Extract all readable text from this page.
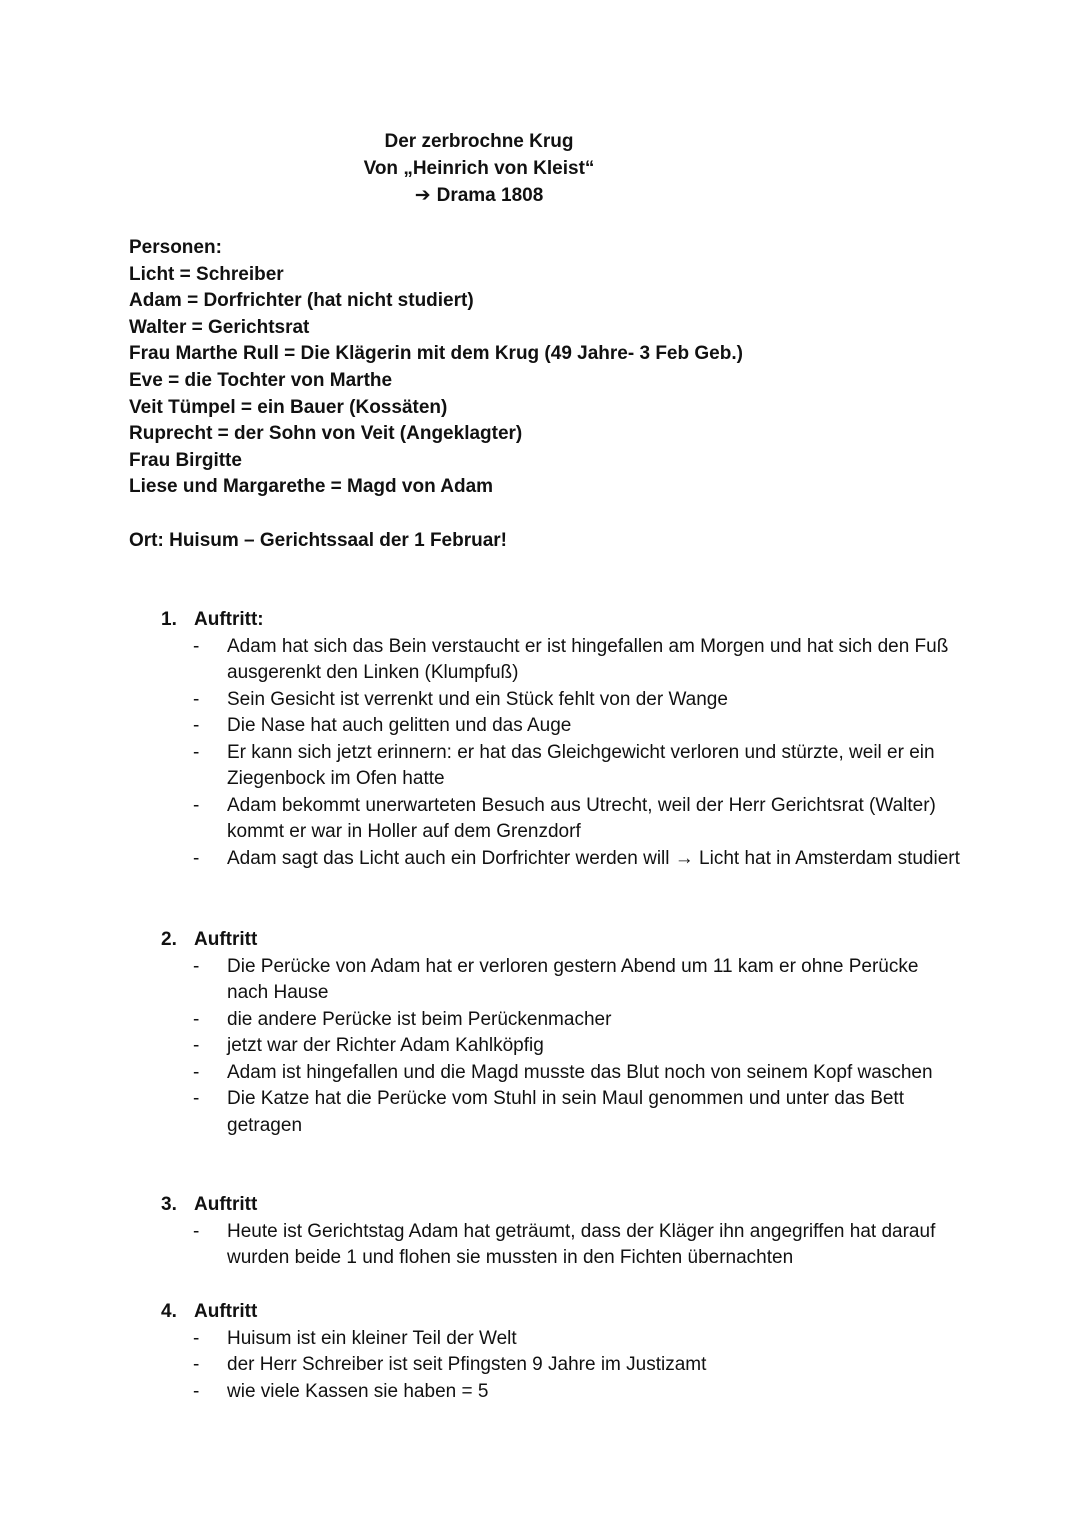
Der zerbrochne Krug
Von „Heinrich von Kleist“
➔ Drama 1808
Personen:
Licht = Schreiber
Adam = Dorfrichter (hat nicht studiert)
Walter = Gerichtsrat
Frau Marthe Rull = Die Klägerin mit dem Krug (49 Jahre- 3 Feb Geb.)
Eve = die Tochter von Marthe
Veit Tümpel = ein Bauer (Kossäten)
Ruprecht = der Sohn von Veit (Angeklagter)
Frau Birgitte
Liese und Margarethe = Magd von Adam
Ort: Huisum – Gerichtssaal der 1 Februar!
1. Auftritt:
- Adam hat sich das Bein verstaucht er ist hingefallen am Morgen und hat sich den Fuß ausgerenkt den Linken (Klumpfuß)
- Sein Gesicht ist verrenkt und ein Stück fehlt von der Wange
- Die Nase hat auch gelitten und das Auge
- Er kann sich jetzt erinnern: er hat das Gleichgewicht verloren und stürzte, weil er ein Ziegenbock im Ofen hatte
- Adam bekommt unerwarteten Besuch aus Utrecht, weil der Herr Gerichtsrat (Walter) kommt er war in Holler auf dem Grenzdorf
- Adam sagt das Licht auch ein Dorfrichter werden will → Licht hat in Amsterdam studiert
2. Auftritt
- Die Perücke von Adam hat er verloren gestern Abend um 11 kam er ohne Perücke nach Hause
- die andere Perücke ist beim Perückenmacher
- jetzt war der Richter Adam Kahlköpfig
- Adam ist hingefallen und die Magd musste das Blut noch von seinem Kopf waschen
- Die Katze hat die Perücke vom Stuhl in sein Maul genommen und unter das Bett getragen
3. Auftritt
- Heute ist Gerichtstag Adam hat geträumt, dass der Kläger ihn angegriffen hat darauf wurden beide 1 und flohen sie mussten in den Fichten übernachten
4. Auftritt
- Huisum ist ein kleiner Teil der Welt
- der Herr Schreiber ist seit Pfingsten 9 Jahre im Justizamt
- wie viele Kassen sie haben = 5
